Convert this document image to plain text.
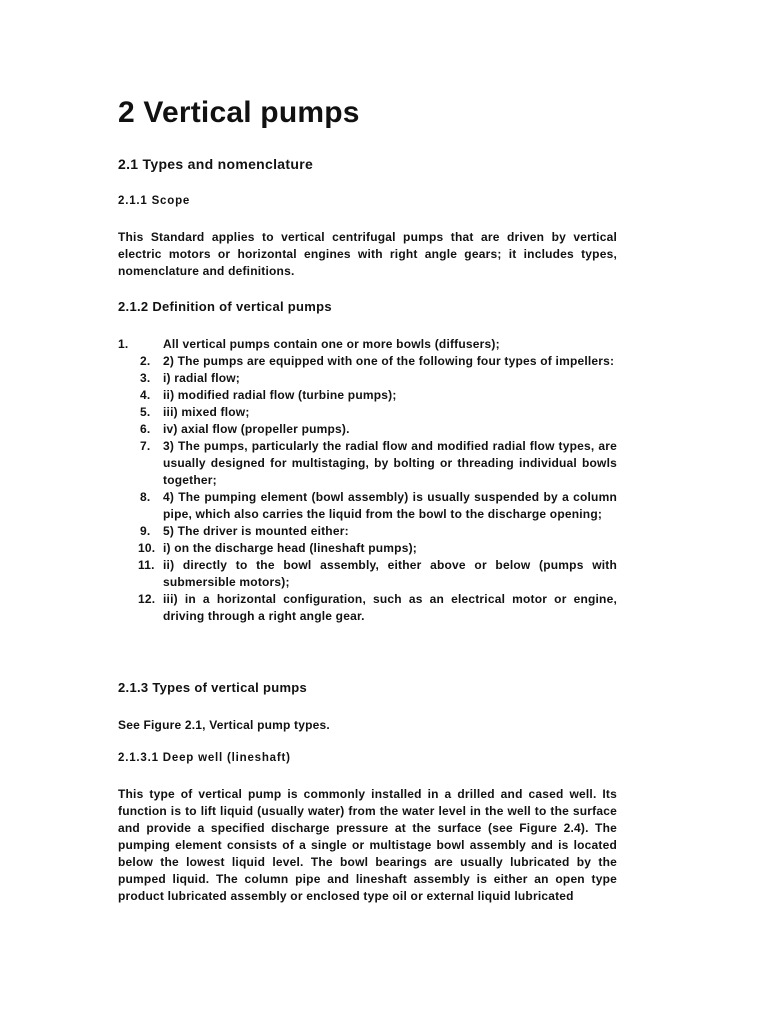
2 Vertical pumps
2.1 Types and nomenclature
2.1.1 Scope

This Standard applies to vertical centrifugal pumps that are driven by vertical electric motors or horizontal engines with right angle gears; it includes types, nomenclature and definitions.

2.1.2 Definition of vertical pumps
1.	All vertical pumps contain one or more bowls (diffusers);
2. 2) The pumps are equipped with one of the following four types of impellers:
3. i) radial flow;
4. ii) modified radial flow (turbine pumps);
5. iii) mixed flow;
6. iv) axial flow (propeller pumps).
7. 3) The pumps, particularly the radial flow and modified radial flow types, are usually designed for multistaging, by bolting or threading individual bowls together;
8. 4) The pumping element (bowl assembly) is usually suspended by a column pipe, which also carries the liquid from the bowl to the discharge opening;
9. 5) The driver is mounted either:
10. i) on the discharge head (lineshaft pumps);
11. ii) directly to the bowl assembly, either above or below (pumps with submersible motors);
12. iii) in a horizontal configuration, such as an electrical motor or engine, driving through a right angle gear.
2.1.3 Types of vertical pumps

See Figure 2.1, Vertical pump types.

2.1.3.1 Deep well (lineshaft)

This type of vertical pump is commonly installed in a drilled and cased well. Its function is to lift liquid (usually water) from the water level in the well to the surface and provide a specified discharge pressure at the surface (see Figure 2.4). The pumping element consists of a single or multistage bowl assembly and is located below the lowest liquid level. The bowl bearings are usually lubricated by the pumped liquid. The column pipe and lineshaft assembly is either an open type product lubricated assembly or enclosed type oil or external liquid lubricated
